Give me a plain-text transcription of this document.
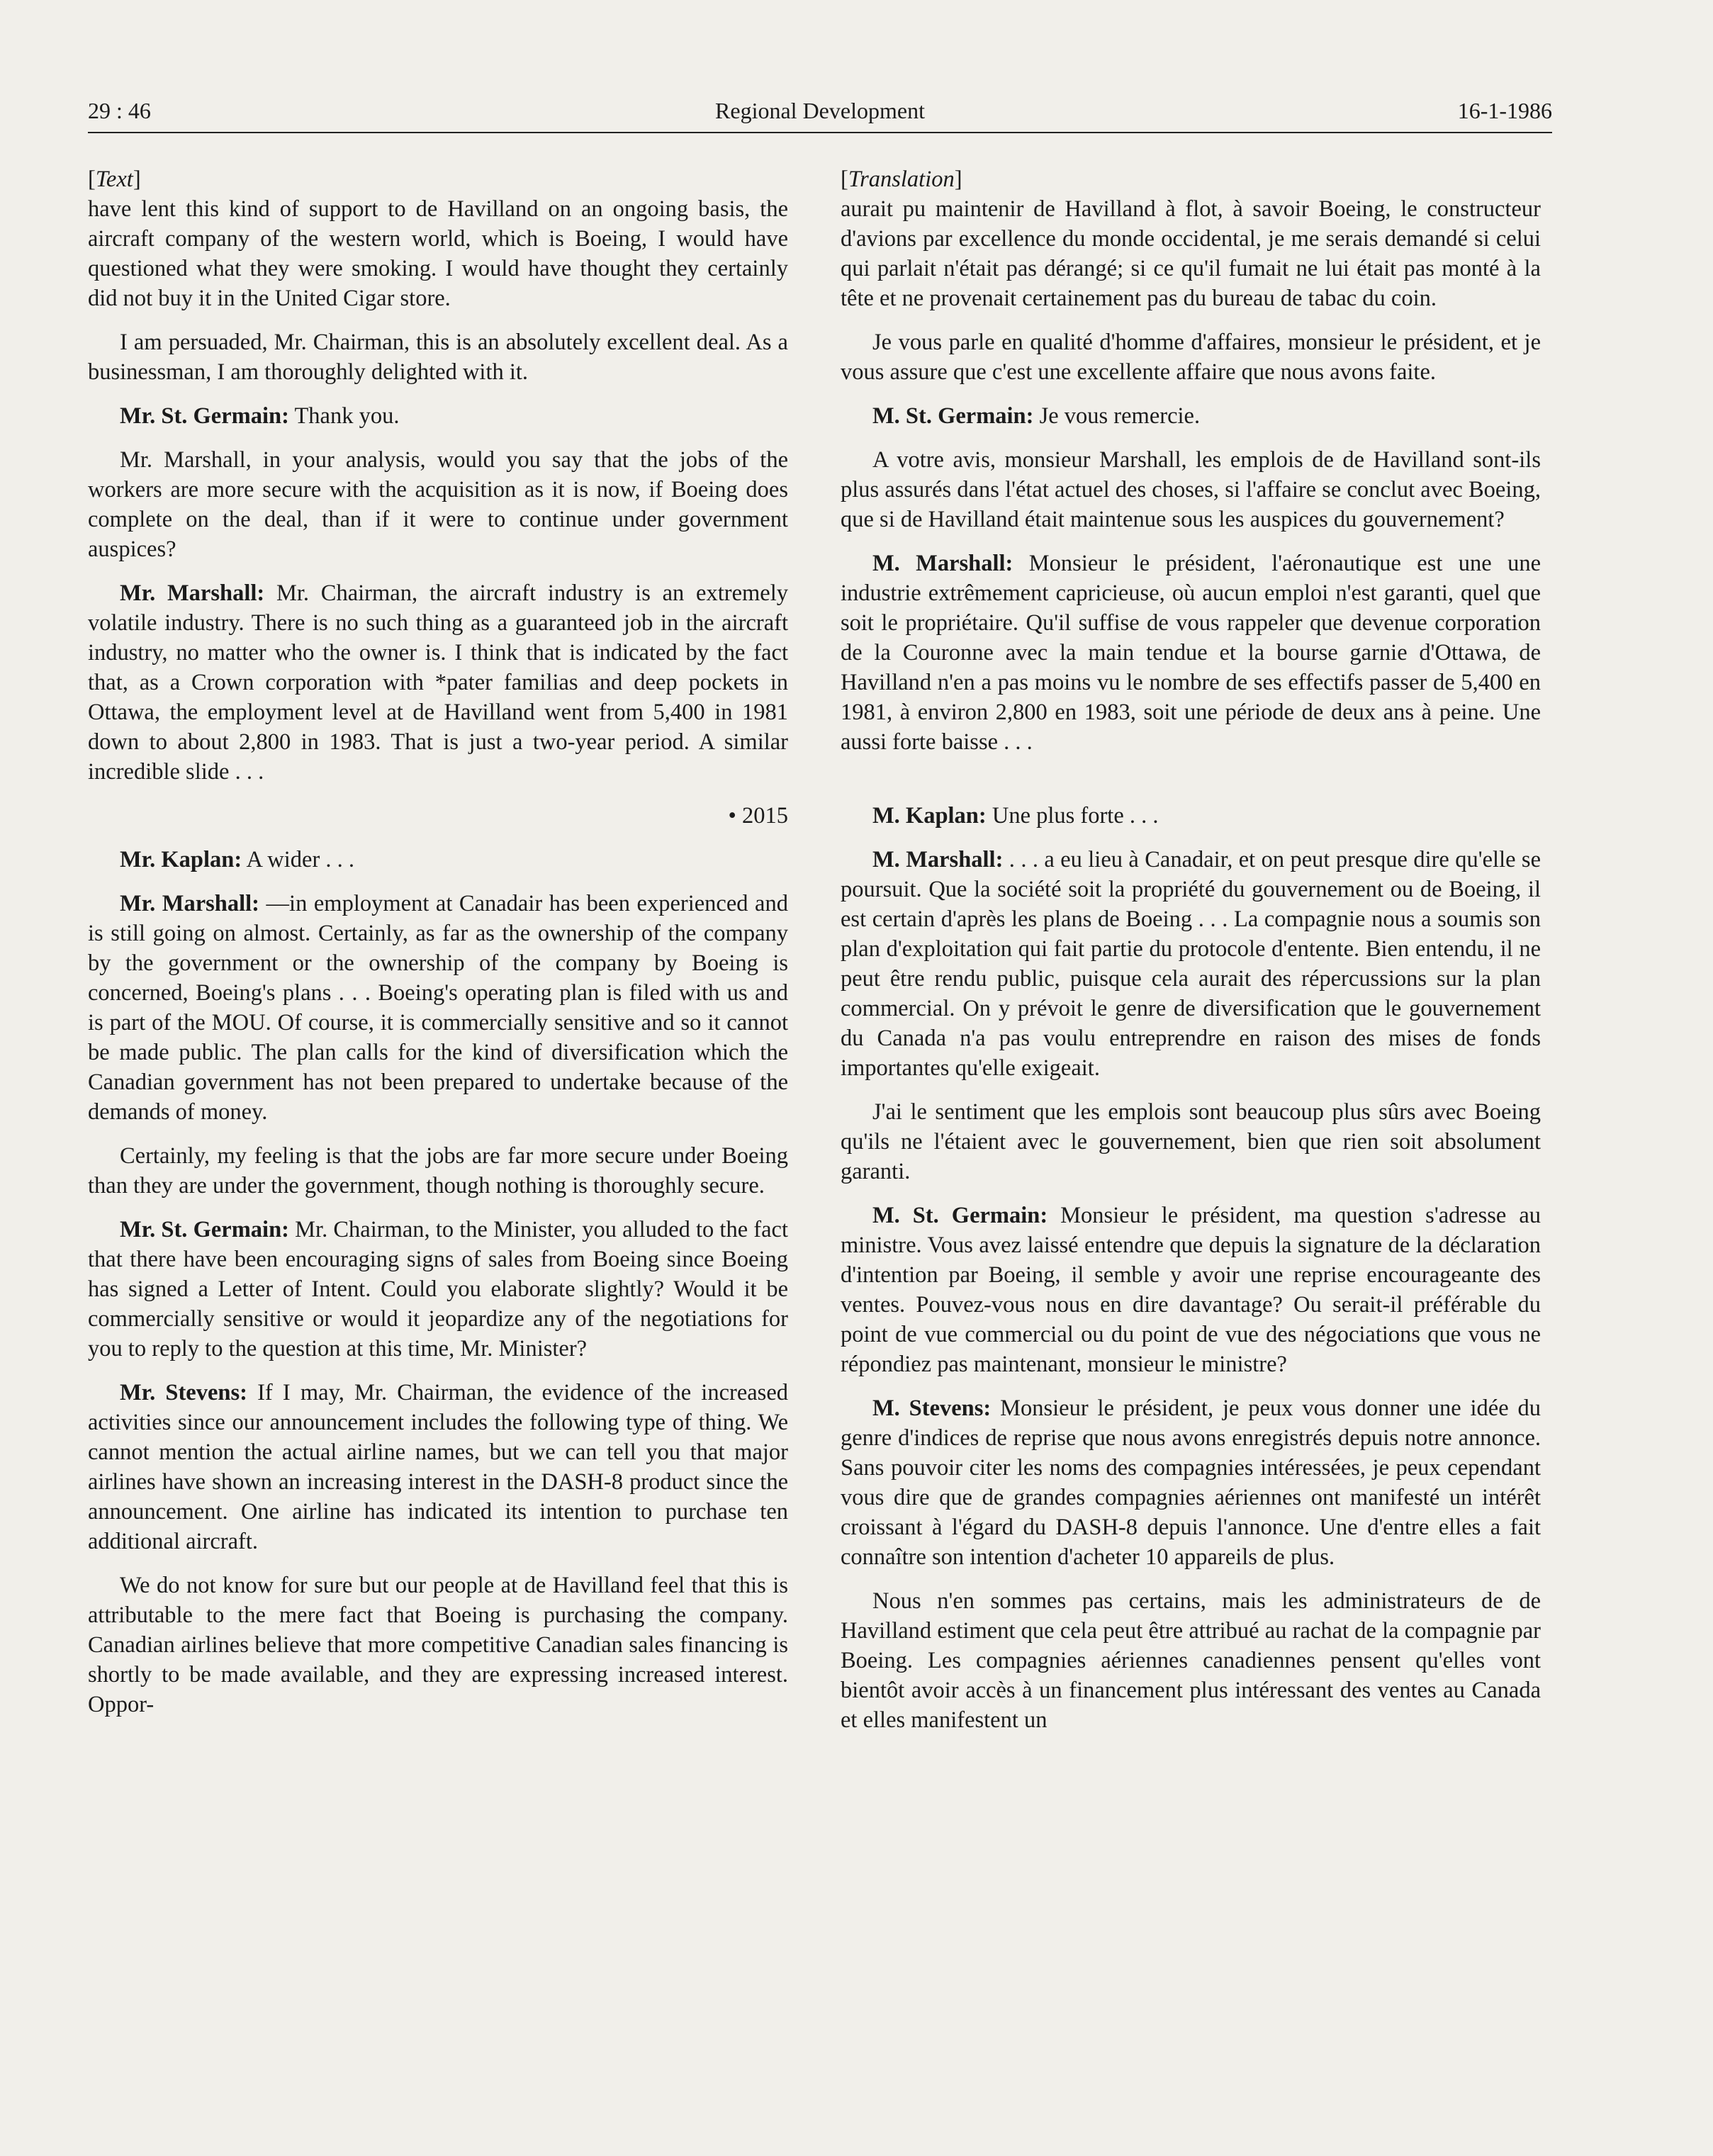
29 : 46	Regional Development	16-1-1986
[Text]

have lent this kind of support to de Havilland on an ongoing basis, the aircraft company of the western world, which is Boeing, I would have questioned what they were smoking. I would have thought they certainly did not buy it in the United Cigar store.

I am persuaded, Mr. Chairman, this is an absolutely excellent deal. As a businessman, I am thoroughly delighted with it.

Mr. St. Germain: Thank you.

Mr. Marshall, in your analysis, would you say that the jobs of the workers are more secure with the acquisition as it is now, if Boeing does complete on the deal, than if it were to continue under government auspices?

Mr. Marshall: Mr. Chairman, the aircraft industry is an extremely volatile industry. There is no such thing as a guaranteed job in the aircraft industry, no matter who the owner is. I think that is indicated by the fact that, as a Crown corporation with *pater familias and deep pockets in Ottawa, the employment level at de Havilland went from 5,400 in 1981 down to about 2,800 in 1983. That is just a two-year period. A similar incredible slide . . .

• 2015

Mr. Kaplan: A wider . . .

Mr. Marshall: —in employment at Canadair has been experienced and is still going on almost. Certainly, as far as the ownership of the company by the government or the ownership of the company by Boeing is concerned, Boeing's plans . . . Boeing's operating plan is filed with us and is part of the MOU. Of course, it is commercially sensitive and so it cannot be made public. The plan calls for the kind of diversification which the Canadian government has not been prepared to undertake because of the demands of money.

Certainly, my feeling is that the jobs are far more secure under Boeing than they are under the government, though nothing is thoroughly secure.

Mr. St. Germain: Mr. Chairman, to the Minister, you alluded to the fact that there have been encouraging signs of sales from Boeing since Boeing has signed a Letter of Intent. Could you elaborate slightly? Would it be commercially sensitive or would it jeopardize any of the negotiations for you to reply to the question at this time, Mr. Minister?

Mr. Stevens: If I may, Mr. Chairman, the evidence of the increased activities since our announcement includes the following type of thing. We cannot mention the actual airline names, but we can tell you that major airlines have shown an increasing interest in the DASH-8 product since the announcement. One airline has indicated its intention to purchase ten additional aircraft.

We do not know for sure but our people at de Havilland feel that this is attributable to the mere fact that Boeing is purchasing the company. Canadian airlines believe that more competitive Canadian sales financing is shortly to be made available, and they are expressing increased interest. Oppor-

[Translation]

aurait pu maintenir de Havilland à flot, à savoir Boeing, le constructeur d'avions par excellence du monde occidental, je me serais demandé si celui qui parlait n'était pas dérangé; si ce qu'il fumait ne lui était pas monté à la tête et ne provenait certainement pas du bureau de tabac du coin.

Je vous parle en qualité d'homme d'affaires, monsieur le président, et je vous assure que c'est une excellente affaire que nous avons faite.

M. St. Germain: Je vous remercie.

A votre avis, monsieur Marshall, les emplois de de Havilland sont-ils plus assurés dans l'état actuel des choses, si l'affaire se conclut avec Boeing, que si de Havilland était maintenue sous les auspices du gouvernement?

M. Marshall: Monsieur le président, l'aéronautique est une une industrie extrêmement capricieuse, où aucun emploi n'est garanti, quel que soit le propriétaire. Qu'il suffise de vous rappeler que devenue corporation de la Couronne avec la main tendue et la bourse garnie d'Ottawa, de Havilland n'en a pas moins vu le nombre de ses effectifs passer de 5,400 en 1981, à environ 2,800 en 1983, soit une période de deux ans à peine. Une aussi forte baisse . . .

M. Kaplan: Une plus forte . . .

M. Marshall: . . . a eu lieu à Canadair, et on peut presque dire qu'elle se poursuit. Que la société soit la propriété du gouvernement ou de Boeing, il est certain d'après les plans de Boeing . . . La compagnie nous a soumis son plan d'exploitation qui fait partie du protocole d'entente. Bien entendu, il ne peut être rendu public, puisque cela aurait des répercussions sur la plan commercial. On y prévoit le genre de diversification que le gouvernement du Canada n'a pas voulu entreprendre en raison des mises de fonds importantes qu'elle exigeait.

J'ai le sentiment que les emplois sont beaucoup plus sûrs avec Boeing qu'ils ne l'étaient avec le gouvernement, bien que rien soit absolument garanti.

M. St. Germain: Monsieur le président, ma question s'adresse au ministre. Vous avez laissé entendre que depuis la signature de la déclaration d'intention par Boeing, il semble y avoir une reprise encourageante des ventes. Pouvez-vous nous en dire davantage? Ou serait-il préférable du point de vue commercial ou du point de vue des négociations que vous ne répondiez pas maintenant, monsieur le ministre?

M. Stevens: Monsieur le président, je peux vous donner une idée du genre d'indices de reprise que nous avons enregistrés depuis notre annonce. Sans pouvoir citer les noms des compagnies intéressées, je peux cependant vous dire que de grandes compagnies aériennes ont manifesté un intérêt croissant à l'égard du DASH-8 depuis l'annonce. Une d'entre elles a fait connaître son intention d'acheter 10 appareils de plus.

Nous n'en sommes pas certains, mais les administrateurs de de Havilland estiment que cela peut être attribué au rachat de la compagnie par Boeing. Les compagnies aériennes canadiennes pensent qu'elles vont bientôt avoir accès à un financement plus intéressant des ventes au Canada et elles manifestent un
